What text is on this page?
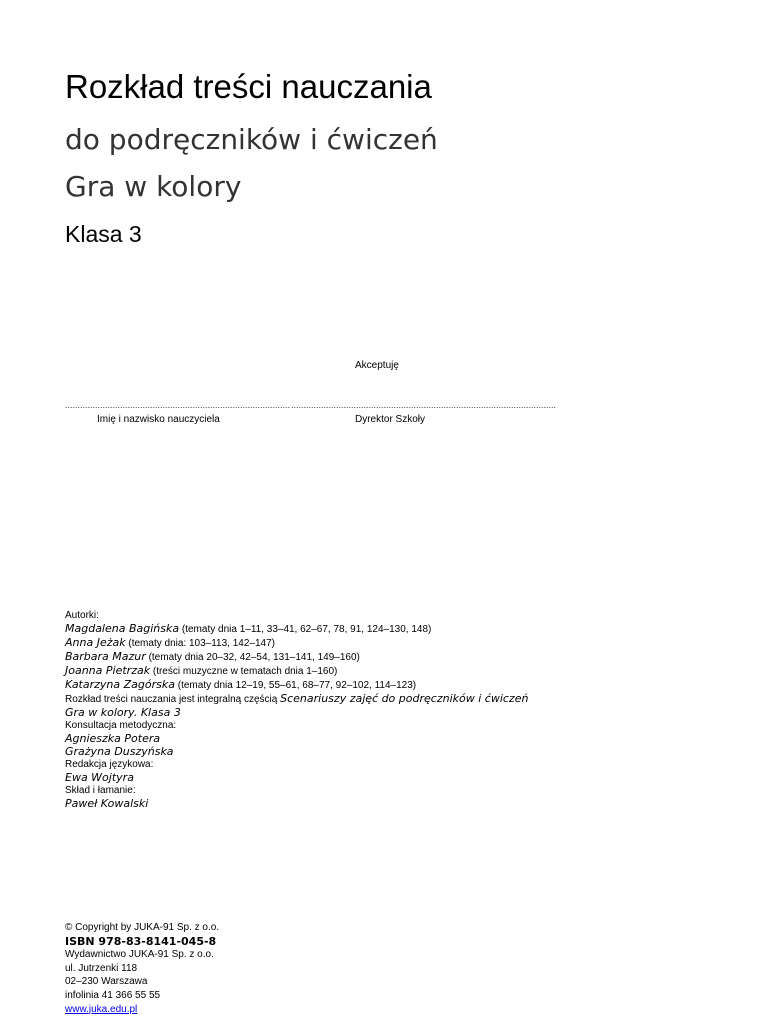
Rozkład treści nauczania
do podręczników i ćwiczeń
Gra w kolory
Klasa 3
Akceptuję
.......................................................................................... ..........................................................................................................
Imię i nazwisko nauczyciela	Dyrektor Szkoły
Autorki:
Magdalena Bagińska (tematy dnia 1–11, 33–41, 62–67, 78, 91, 124–130, 148)
Anna Jeżak (tematy dnia: 103–113, 142–147)
Barbara Mazur (tematy dnia 20–32, 42–54, 131–141, 149–160)
Joanna Pietrzak (treści muzyczne w tematach dnia 1–160)
Katarzyna Zagórska (tematy dnia 12–19, 55–61, 68–77, 92–102, 114–123)
Rozkład treści nauczania jest integralną częścią Scenariuszy zajęć do podręczników i ćwiczeń
Gra w kolory. Klasa 3
Konsultacja metodyczna:
Agnieszka Potera
Grażyna Duszyńska
Redakcja językowa:
Ewa Wojtyra
Skład i łamanie:
Paweł Kowalski
© Copyright by JUKA-91 Sp. z o.o.
ISBN 978-83-8141-045-8
Wydawnictwo JUKA-91 Sp. z o.o.
ul. Jutrzenki 118
02–230 Warszawa
infolinia 41 366 55 55
www.juka.edu.pl
